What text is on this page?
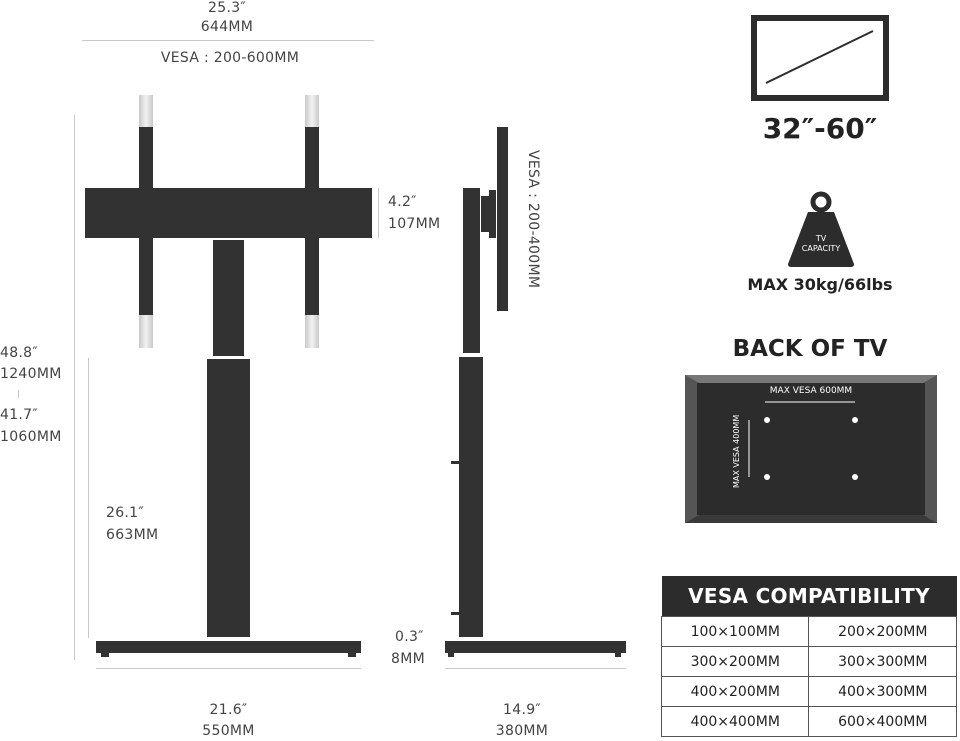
25.3″
644MM
VESA : 200-600MM
4.2″
107MM
48.8″
1240MM
41.7″
1060MM
26.1″
663MM
21.6″
550MM
VESA : 200-400MM
0.3″
8MM
14.9″
380MM
32″-60″
TV
CAPACITY
MAX 30kg/66lbs
BACK OF TV
MAX VESA 600MM
MAX VESA 400MM
VESA COMPATIBILITY	
100×100MM	200×200MM
300×200MM	300×300MM
400×200MM	400×300MM
400×400MM	600×400MM
